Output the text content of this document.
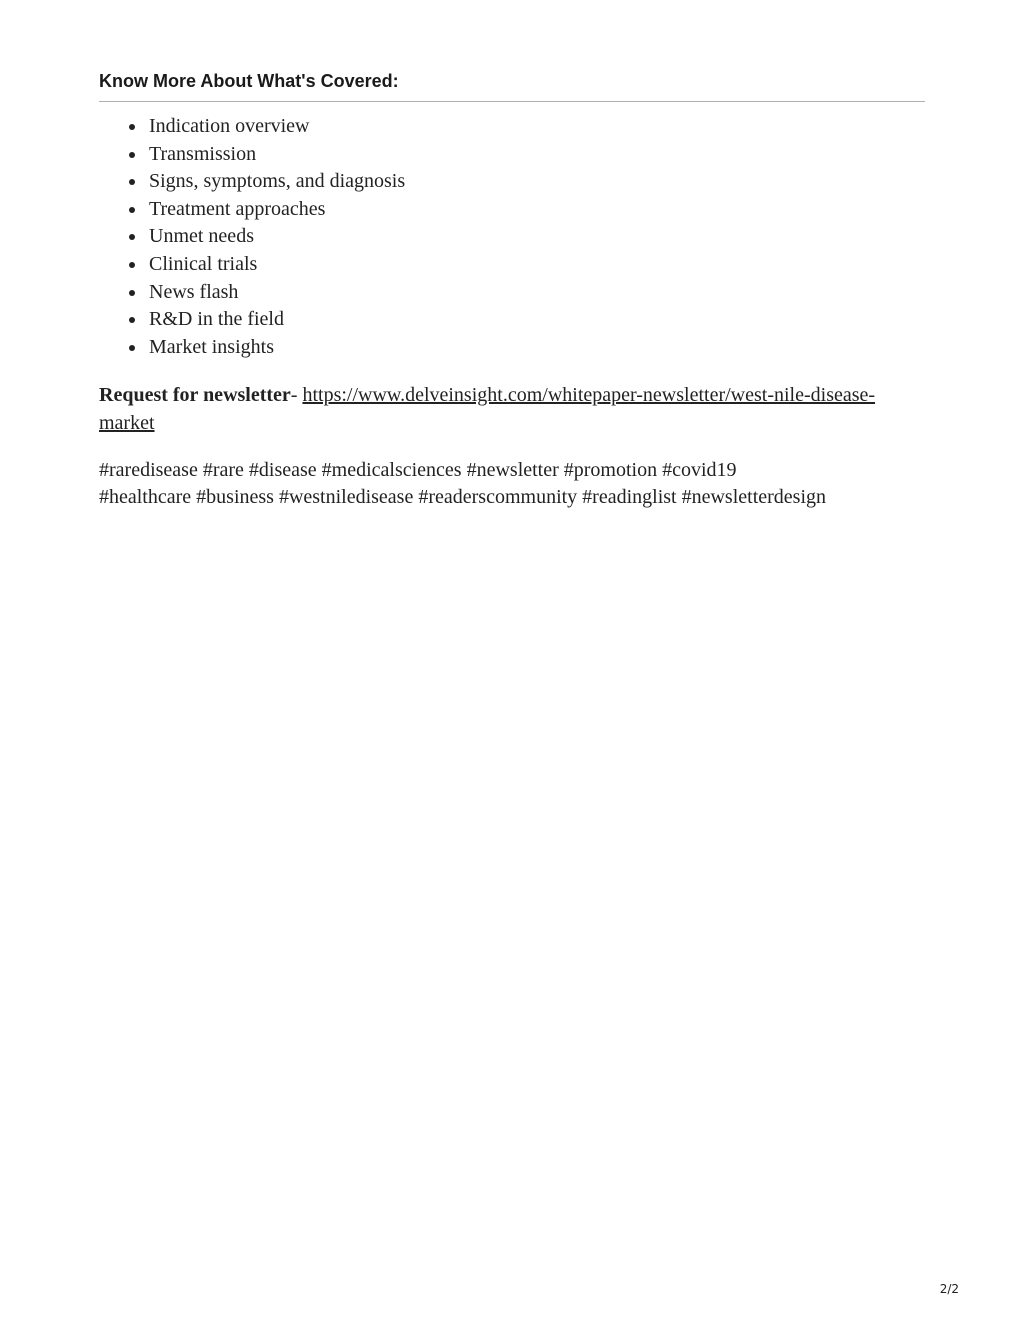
Know More About What's Covered:
Indication overview
Transmission
Signs, symptoms, and diagnosis
Treatment approaches
Unmet needs
Clinical trials
News flash
R&D in the field
Market insights

Request for newsletter- https://www.delveinsight.com/whitepaper-newsletter/west-nile-disease-market

#raredisease #rare #disease #medicalsciences #newsletter #promotion #covid19
#healthcare #business #westniledisease #readerscommunity #readinglist #newsletterdesign

2/2
